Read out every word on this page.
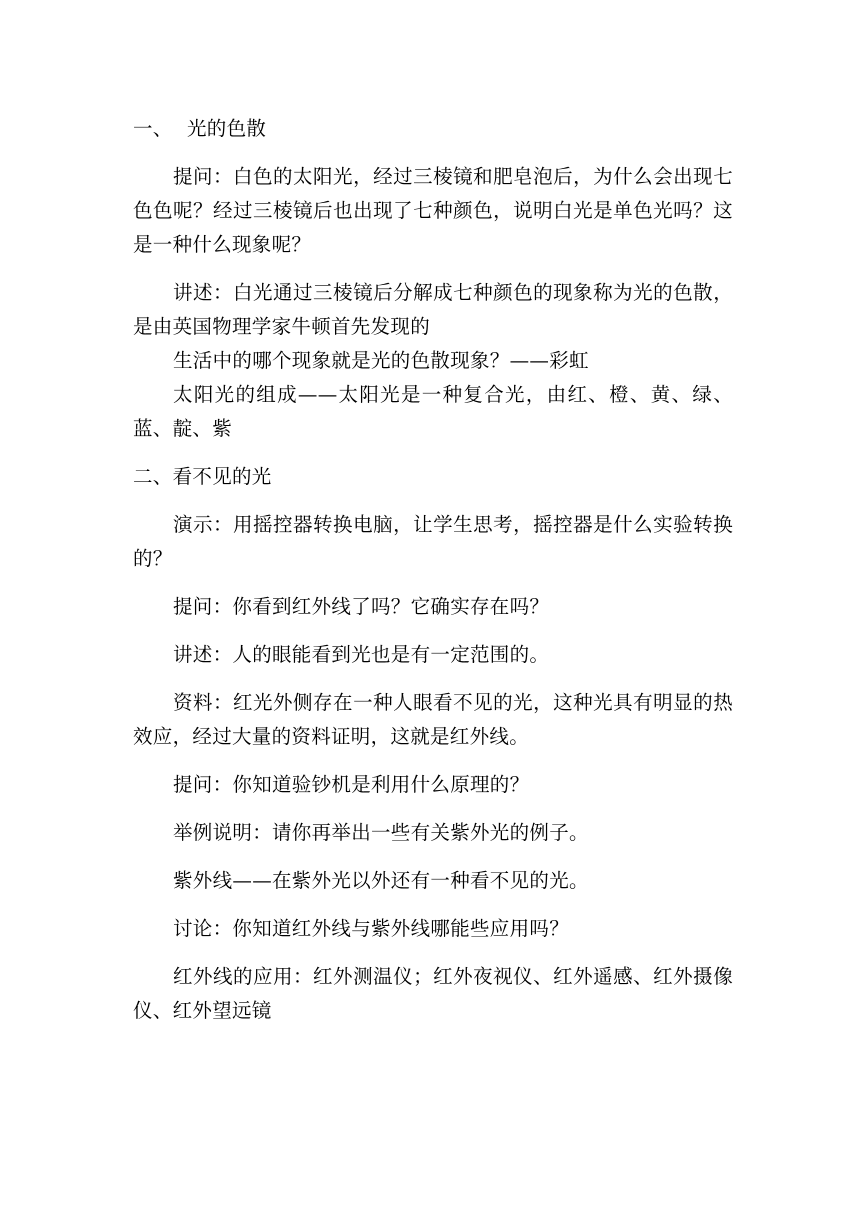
一、 光的色散
提问：白色的太阳光，经过三棱镜和肥皂泡后，为什么会出现七色色呢？经过三棱镜后也出现了七种颜色，说明白光是单色光吗？这是一种什么现象呢？
讲述：白光通过三棱镜后分解成七种颜色的现象称为光的色散，是由英国物理学家牛顿首先发现的
生活中的哪个现象就是光的色散现象？——彩虹
太阳光的组成——太阳光是一种复合光，由红、橙、黄、绿、蓝、靛、紫
二、看不见的光
演示：用摇控器转换电脑，让学生思考，摇控器是什么实验转换的？
提问：你看到红外线了吗？它确实存在吗？
讲述：人的眼能看到光也是有一定范围的。
资料：红光外侧存在一种人眼看不见的光，这种光具有明显的热效应，经过大量的资料证明，这就是红外线。
提问：你知道验钞机是利用什么原理的？
举例说明：请你再举出一些有关紫外光的例子。
紫外线——在紫外光以外还有一种看不见的光。
讨论：你知道红外线与紫外线哪能些应用吗？
红外线的应用：红外测温仪；红外夜视仪、红外遥感、红外摄像仪、红外望远镜
